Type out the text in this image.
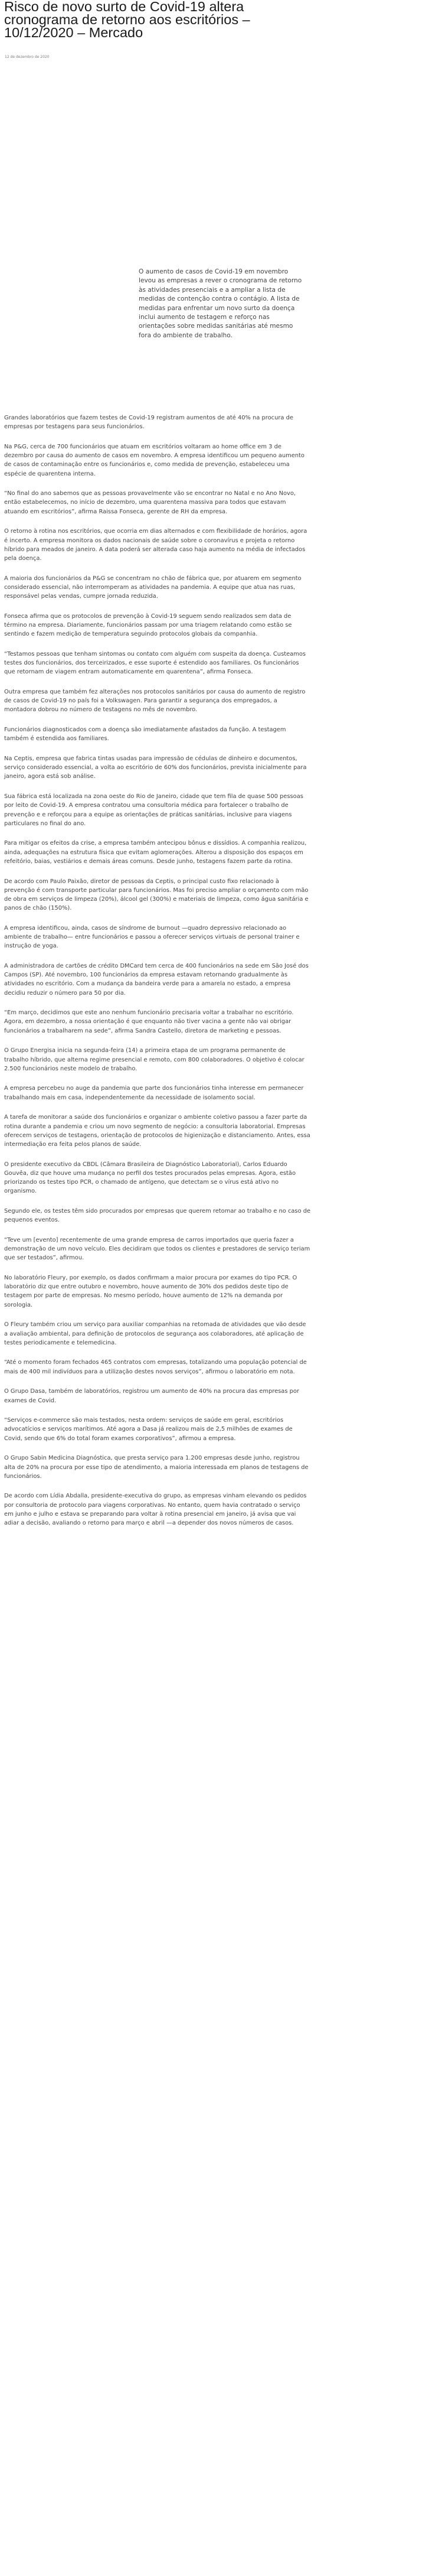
Risco de novo surto de Covid-19 altera cronograma de retorno aos escritórios – 10/12/2020 – Mercado
12 de dezembro de 2020

O aumento de casos de Covid-19 em novembro levou as empresas a rever o cronograma de retorno às atividades presenciais e a ampliar a lista de medidas de contenção contra o contágio. A lista de medidas para enfrentar um novo surto da doença inclui aumento de testagem e reforço nas orientações sobre medidas sanitárias até mesmo fora do ambiente de trabalho.

Grandes laboratórios que fazem testes de Covid-19 registram aumentos de até 40% na procura de empresas por testagens para seus funcionários.

Na P&G, cerca de 700 funcionários que atuam em escritórios voltaram ao home office em 3 de dezembro por causa do aumento de casos em novembro. A empresa identificou um pequeno aumento de casos de contaminação entre os funcionários e, como medida de prevenção, estabeleceu uma espécie de quarentena interna.

“No final do ano sabemos que as pessoas provavelmente vão se encontrar no Natal e no Ano Novo, então estabelecemos, no início de dezembro, uma quarentena massiva para todos que estavam atuando em escritórios”, afirma Raissa Fonseca, gerente de RH da empresa.

O retorno à rotina nos escritórios, que ocorria em dias alternados e com flexibilidade de horários, agora é incerto. A empresa monitora os dados nacionais de saúde sobre o coronavírus e projeta o retorno híbrido para meados de janeiro. A data poderá ser alterada caso haja aumento na média de infectados pela doença.

A maioria dos funcionários da P&G se concentram no chão de fábrica que, por atuarem em segmento considerado essencial, não interromperam as atividades na pandemia. A equipe que atua nas ruas, responsável pelas vendas, cumpre jornada reduzida.

Fonseca afirma que os protocolos de prevenção à Covid-19 seguem sendo realizados sem data de término na empresa. Diariamente, funcionários passam por uma triagem relatando como estão se sentindo e fazem medição de temperatura seguindo protocolos globais da companhia.

“Testamos pessoas que tenham sintomas ou contato com alguém com suspeita da doença. Custeamos testes dos funcionários, dos terceirizados, e esse suporte é estendido aos familiares. Os funcionários que retornam de viagem entram automaticamente em quarentena”, afirma Fonseca.

Outra empresa que também fez alterações nos protocolos sanitários por causa do aumento de registro de casos de Covid-19 no país foi a Volkswagen. Para garantir a segurança dos empregados, a montadora dobrou no número de testagens no mês de novembro.

Funcionários diagnosticados com a doença são imediatamente afastados da função. A testagem também é estendida aos familiares.

Na Ceptis, empresa que fabrica tintas usadas para impressão de cédulas de dinheiro e documentos, serviço considerado essencial, a volta ao escritório de 60% dos funcionários, prevista inicialmente para janeiro, agora está sob análise.

Sua fábrica está localizada na zona oeste do Rio de Janeiro, cidade que tem fila de quase 500 pessoas por leito de Covid-19. A empresa contratou uma consultoria médica para fortalecer o trabalho de prevenção e e reforçou para a equipe as orientações de práticas sanitárias, inclusive para viagens particulares no final do ano.

Para mitigar os efeitos da crise, a empresa também antecipou bônus e dissídios. A companhia realizou, ainda, adequações na estrutura física que evitam aglomerações. Alterou a disposição dos espaços em refeitório, baias, vestiários e demais áreas comuns. Desde junho, testagens fazem parte da rotina.

De acordo com Paulo Paixão, diretor de pessoas da Ceptis, o principal custo fixo relacionado à prevenção é com transporte particular para funcionários. Mas foi preciso ampliar o orçamento com mão de obra em serviços de limpeza (20%), álcool gel (300%) e materiais de limpeza, como água sanitária e panos de chão (150%).

A empresa identificou, ainda, casos de síndrome de burnout —quadro depressivo relacionado ao ambiente de trabalho— entre funcionários e passou a oferecer serviços virtuais de personal trainer e instrução de yoga.

A administradora de cartões de crédito DMCard tem cerca de 400 funcionários na sede em São José dos Campos (SP). Até novembro, 100 funcionários da empresa estavam retornando gradualmente às atividades no escritório. Com a mudança da bandeira verde para a amarela no estado, a empresa decidiu reduzir o número para 50 por dia.

“Em março, decidimos que este ano nenhum funcionário precisaria voltar a trabalhar no escritório. Agora, em dezembro, a nossa orientação é que enquanto não tiver vacina a gente não vai obrigar funcionários a trabalharem na sede”, afirma Sandra Castello, diretora de marketing e pessoas.

O Grupo Energisa inicia na segunda-feira (14) a primeira etapa de um programa permanente de trabalho híbrido, que alterna regime presencial e remoto, com 800 colaboradores. O objetivo é colocar 2.500 funcionários neste modelo de trabalho.

A empresa percebeu no auge da pandemia que parte dos funcionários tinha interesse em permanecer trabalhando mais em casa, independentemente da necessidade de isolamento social.

A tarefa de monitorar a saúde dos funcionários e organizar o ambiente coletivo passou a fazer parte da rotina durante a pandemia e criou um novo segmento de negócio: a consultoria laboratorial. Empresas oferecem serviços de testagens, orientação de protocolos de higienização e distanciamento. Antes, essa intermediação era feita pelos planos de saúde.

O presidente executivo da CBDL (Câmara Brasileira de Diagnóstico Laboratorial), Carlos Eduardo Gouvêa, diz que houve uma mudança no perfil dos testes procurados pelas empresas. Agora, estão priorizando os testes tipo PCR, o chamado de antígeno, que detectam se o vírus está ativo no organismo.

Segundo ele, os testes têm sido procurados por empresas que querem retomar ao trabalho e no caso de pequenos eventos.

“Teve um [evento] recentemente de uma grande empresa de carros importados que queria fazer a demonstração de um novo veículo. Eles decidiram que todos os clientes e prestadores de serviço teriam que ser testados”, afirmou.

No laboratório Fleury, por exemplo, os dados confirmam a maior procura por exames do tipo PCR. O laboratório diz que entre outubro e novembro, houve aumento de 30% dos pedidos deste tipo de testagem por parte de empresas. No mesmo período, houve aumento de 12% na demanda por sorologia.

O Fleury também criou um serviço para auxiliar companhias na retomada de atividades que vão desde a avaliação ambiental, para definição de protocolos de segurança aos colaboradores, até aplicação de testes periodicamente e telemedicina.

“Até o momento foram fechados 465 contratos com empresas, totalizando uma população potencial de mais de 400 mil indivíduos para a utilização destes novos serviços”, afirmou o laboratório em nota.

O Grupo Dasa, também de laboratórios, registrou um aumento de 40% na procura das empresas por exames de Covid.

“Serviços e-commerce são mais testados, nesta ordem: serviços de saúde em geral, escritórios advocatícios e serviços marítimos. Até agora a Dasa já realizou mais de 2,5 milhões de exames de Covid, sendo que 6% do total foram exames corporativos”, afirmou a empresa.

O Grupo Sabin Medicina Diagnóstica, que presta serviço para 1.200 empresas desde junho, registrou alta de 20% na procura por esse tipo de atendimento, a maioria interessada em planos de testagens de funcionários.

De acordo com Lídia Abdalla, presidente-executiva do grupo, as empresas vinham elevando os pedidos por consultoria de protocolo para viagens corporativas. No entanto, quem havia contratado o serviço em junho e julho e estava se preparando para voltar à rotina presencial em janeiro, já avisa que vai adiar a decisão, avaliando o retorno para março e abril —a depender dos novos números de casos.
